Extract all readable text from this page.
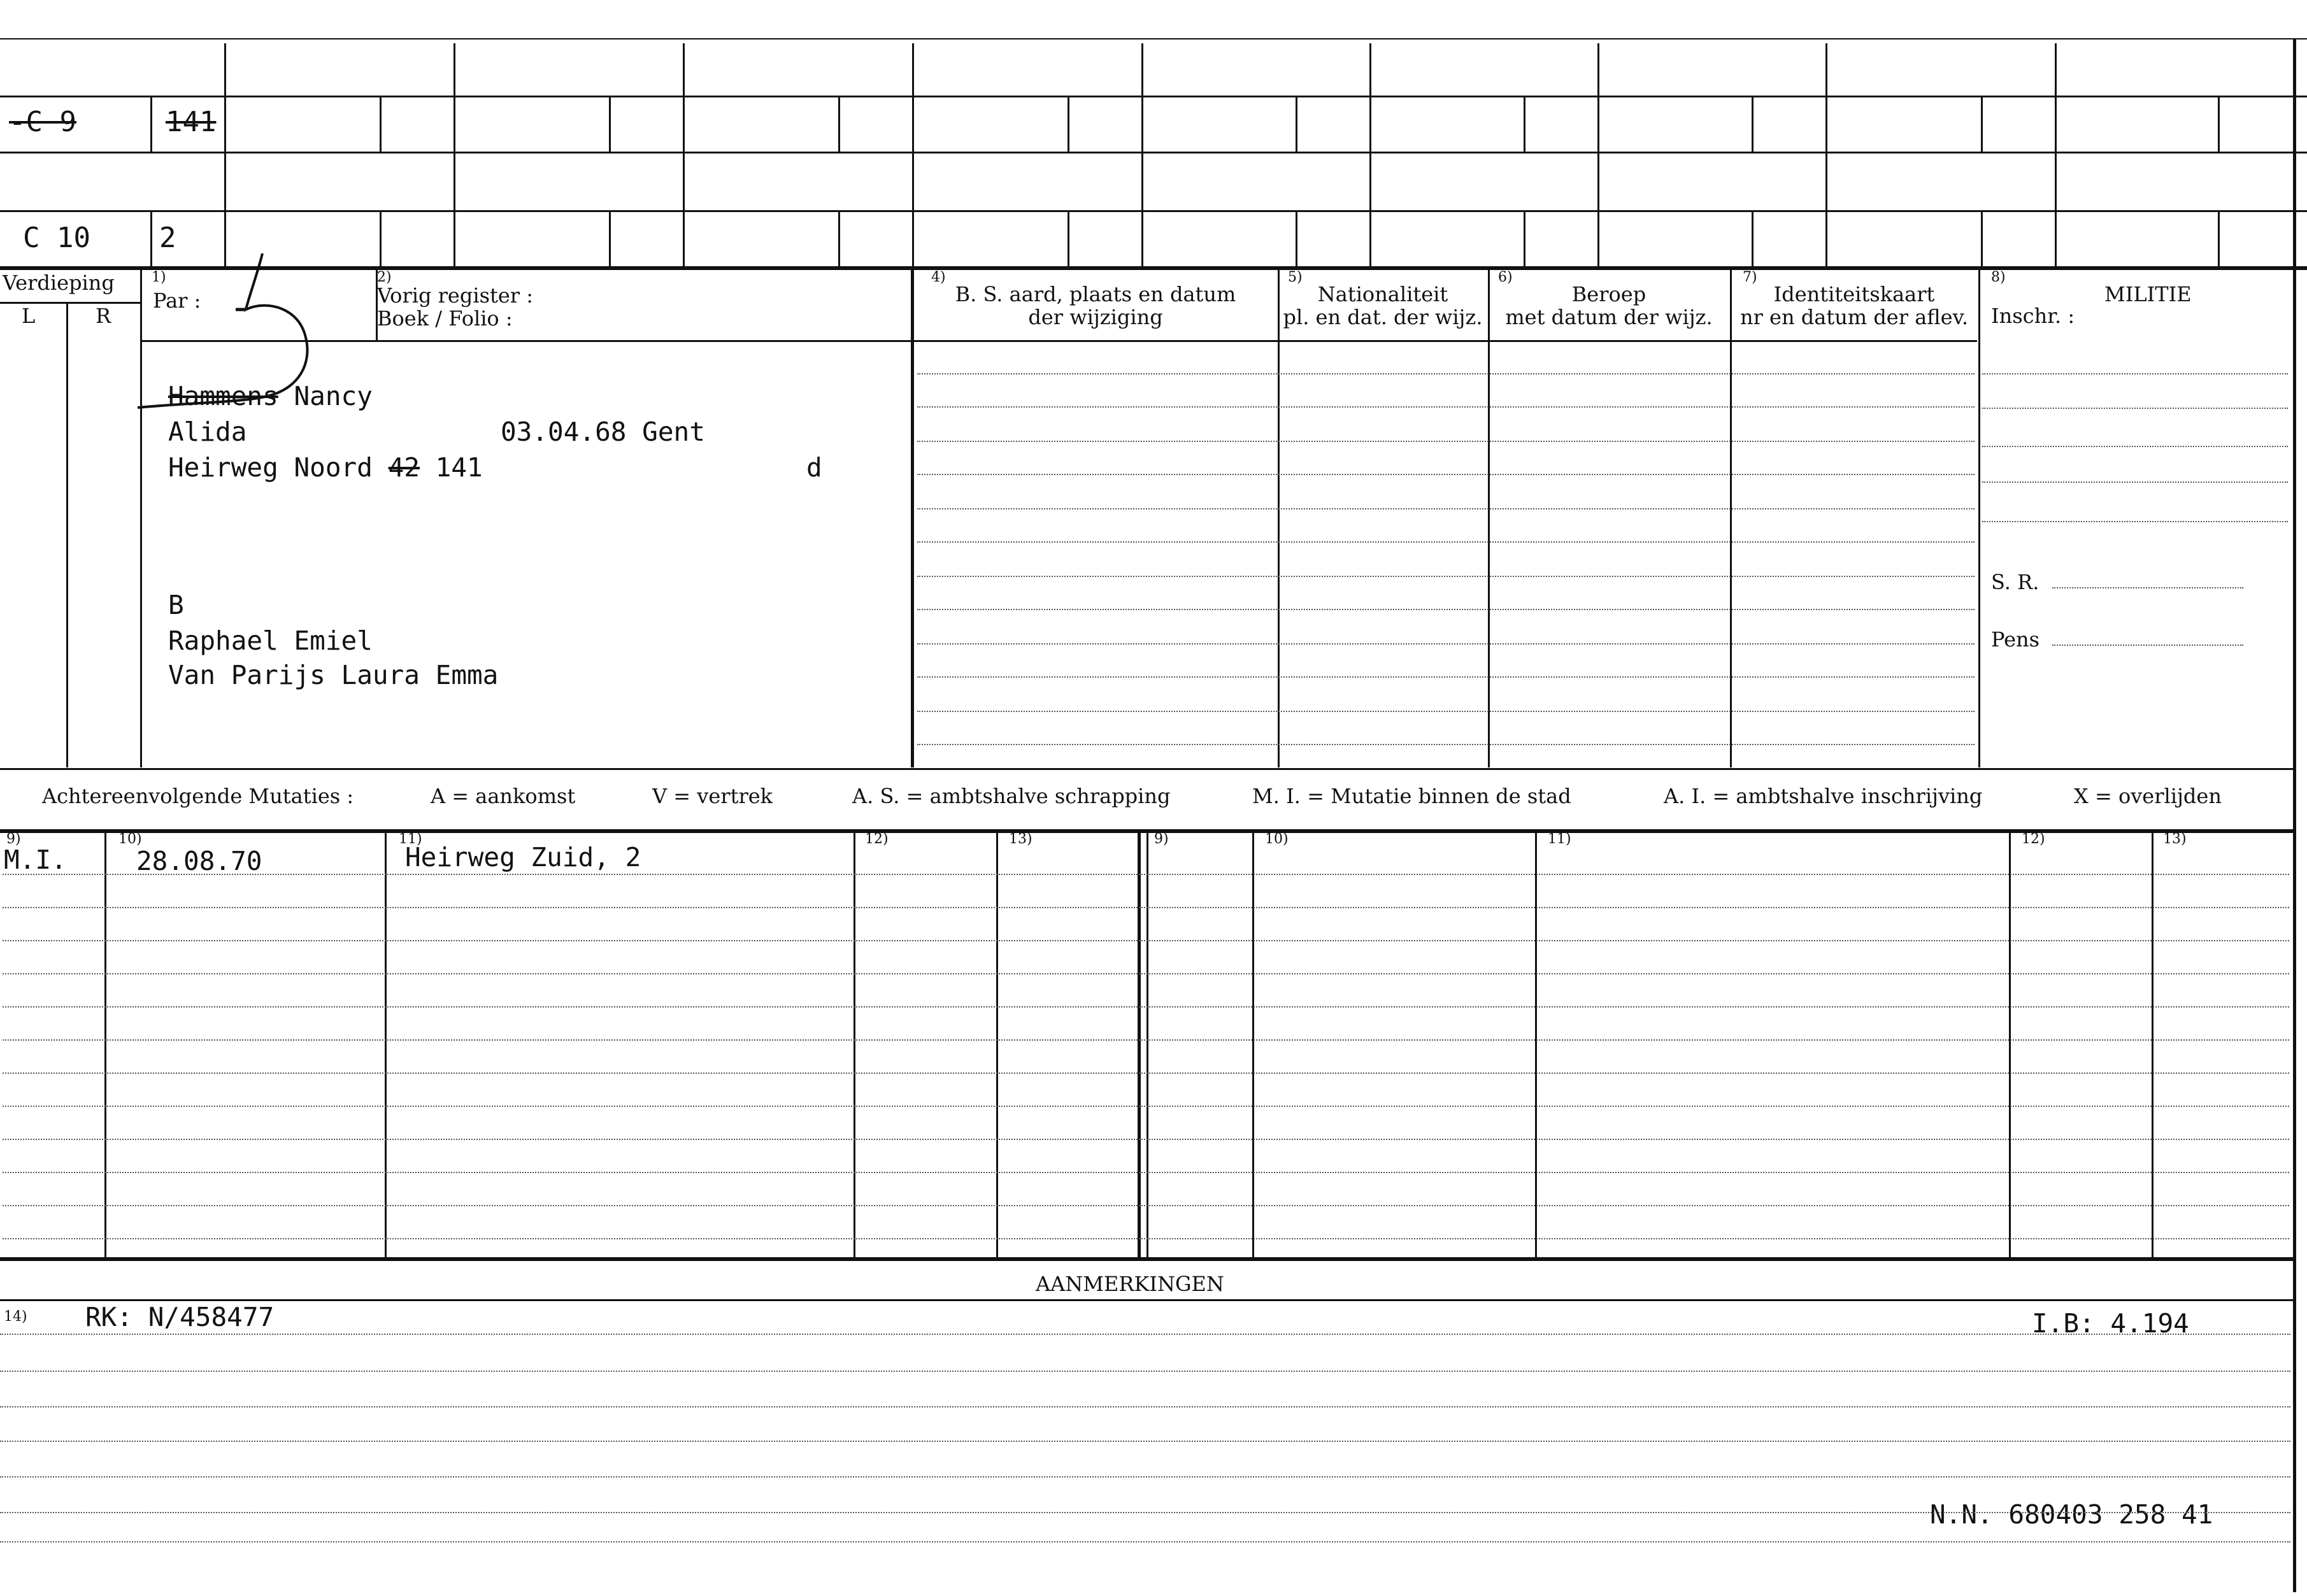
-C 9	141
C 10 2
Verdieping
L	R
1)
Par :
2)
Vorig register :
Boek / Folio :
4)
B. S. aard, plaats en datum
der wijziging
5)
Nationaliteit
pl. en dat. der wijz.
6)
Beroep
met datum der wijz.
7)
Identiteitskaart
nr en datum der aflev.
8)
MILITIE
Inschr. :
S. R.
Pens
Hammens Nancy
Alida	03.04.68 Gent
Heirweg Noord 42 141	d
B
Raphael Emiel
Van Parijs Laura Emma
Achtereenvolgende Mutaties :	A = aankomst	V = vertrek	A. S. = ambtshalve schrapping	M. I. = Mutatie binnen de stad	A. I. = ambtshalve inschrijving	X = overlijden
9)	10)	11)	12)	13)	9)	10)	11)	12)	13)
M.I.	28.08.70	Heirweg Zuid, 2
AANMERKINGEN
14) RK: N/458477	I.B: 4.194
N.N. 680403 258 41
